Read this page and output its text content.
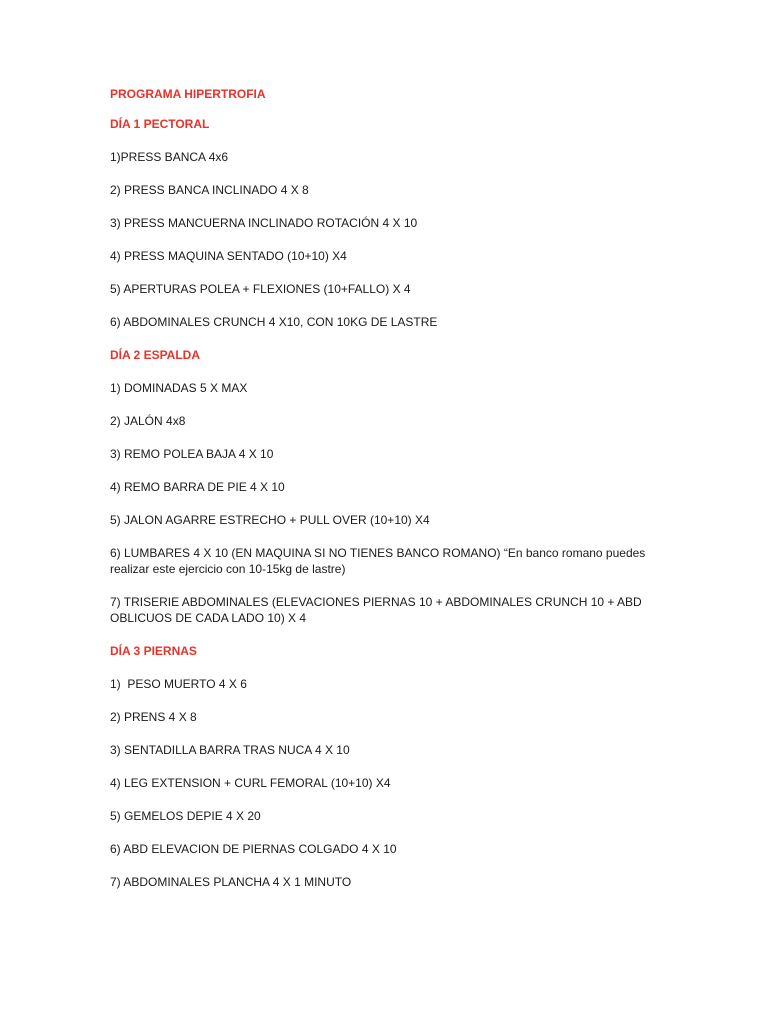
PROGRAMA HIPERTROFIA
DÍA 1 PECTORAL
1)PRESS BANCA 4x6
2) PRESS BANCA INCLINADO 4 X 8
3) PRESS MANCUERNA INCLINADO ROTACIÓN 4 X 10
4) PRESS MAQUINA SENTADO (10+10) X4
5) APERTURAS POLEA + FLEXIONES (10+FALLO) X 4
6) ABDOMINALES CRUNCH 4 X10, CON 10KG DE LASTRE
DÍA 2 ESPALDA
1) DOMINADAS 5 X MAX
2) JALÓN 4x8
3) REMO POLEA BAJA 4 X 10
4) REMO BARRA DE PIE 4 X 10
5) JALON AGARRE ESTRECHO + PULL OVER (10+10) X4
6) LUMBARES 4 X 10 (EN MAQUINA SI NO TIENES BANCO ROMANO) “En banco romano puedes realizar este ejercicio con 10-15kg de lastre)
7) TRISERIE ABDOMINALES (ELEVACIONES PIERNAS 10 + ABDOMINALES CRUNCH 10 + ABD OBLICUOS DE CADA LADO 10) X 4
DÍA 3 PIERNAS
1)  PESO MUERTO 4 X 6
2) PRENS 4 X 8
3) SENTADILLA BARRA TRAS NUCA 4 X 10
4) LEG EXTENSION + CURL FEMORAL (10+10) X4
5) GEMELOS DEPIE 4 X 20
6) ABD ELEVACION DE PIERNAS COLGADO 4 X 10
7) ABDOMINALES PLANCHA 4 X 1 MINUTO
